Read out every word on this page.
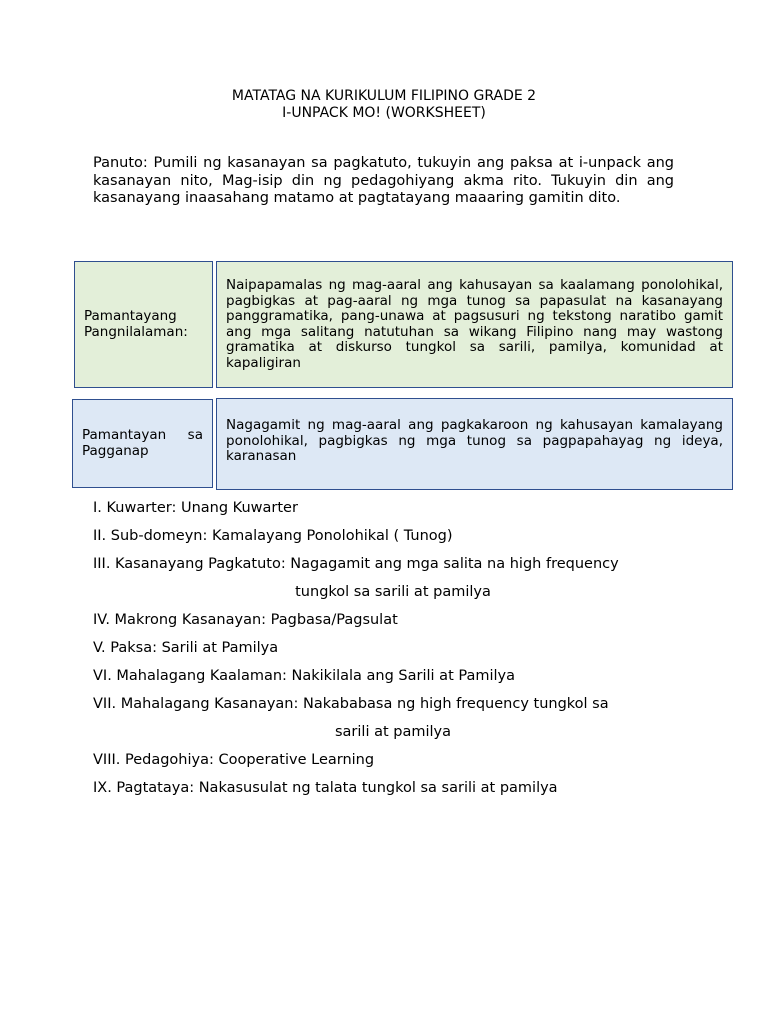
MATATAG NA KURIKULUM FILIPINO GRADE 2
I-UNPACK MO! (WORKSHEET)

Panuto: Pumili ng kasanayan sa pagkatuto, tukuyin ang paksa at i-unpack ang kasanayan nito, Mag-isip din ng pedagohiyang akma rito. Tukuyin din ang kasanayang inaasahang matamo at pagtatayang maaaring gamitin dito.

Pamantayang Pangnilalaman:
Naipapamalas ng mag-aaral ang kahusayan sa kaalamang ponolohikal, pagbigkas at pag-aaral ng mga tunog sa papasulat na kasanayang panggramatika, pang-unawa at pagsusuri ng tekstong naratibo gamit ang mga salitang natutuhan sa wikang Filipino nang may wastong gramatika at diskurso tungkol sa sarili, pamilya, komunidad at kapaligiran
Pamantayan sa Pagganap
Nagagamit ng mag-aaral ang pagkakaroon ng kahusayan kamalayang ponolohikal, pagbigkas ng mga tunog sa pagpapahayag ng ideya, karanasan
I. Kuwarter: Unang Kuwarter
II. Sub-domeyn: Kamalayang Ponolohikal ( Tunog)
III. Kasanayang Pagkatuto: Nagagamit ang mga salita na high frequency
tungkol sa sarili at pamilya
IV. Makrong Kasanayan: Pagbasa/Pagsulat
V. Paksa: Sarili at Pamilya
VI. Mahalagang Kaalaman: Nakikilala ang Sarili at Pamilya
VII. Mahalagang Kasanayan: Nakababasa ng high frequency tungkol sa
sarili at pamilya
VIII. Pedagohiya: Cooperative Learning
IX. Pagtataya: Nakasusulat ng talata tungkol sa sarili at pamilya
